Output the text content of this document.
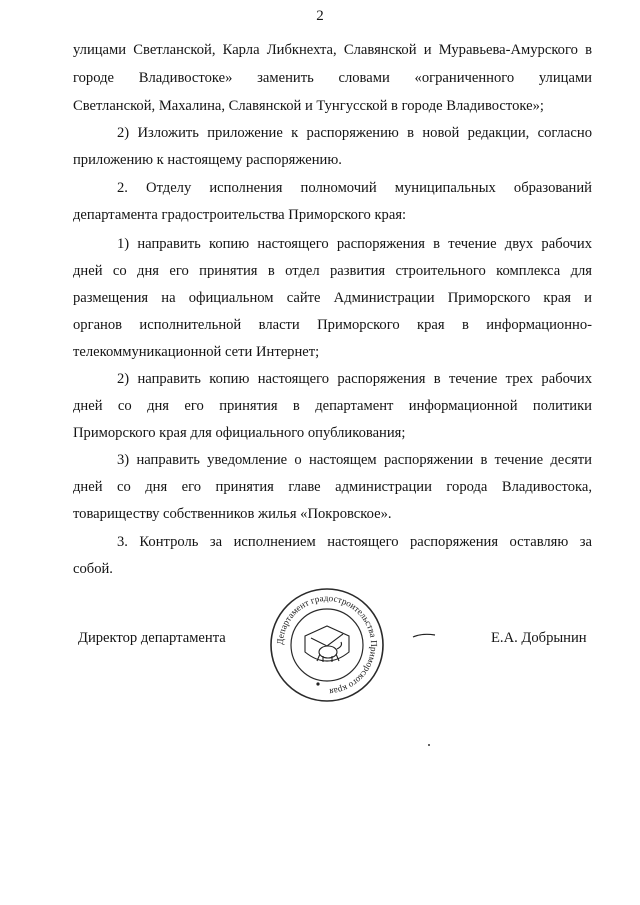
2
улицами Светланской, Карла Либкнехта, Славянской и Муравьева-Амурского в
городе Владивостоке» заменить словами «ограниченного улицами
Светланской, Махалина, Славянской и Тунгусской в городе Владивостоке»;
2) Изложить приложение к распоряжению в новой редакции, согласно
приложению к настоящему распоряжению.
2. Отделу исполнения полномочий муниципальных образований
департамента градостроительства Приморского края:
1) направить копию настоящего распоряжения в течение двух рабочих
дней со дня его принятия в отдел развития строительного комплекса для
размещения на официальном сайте Администрации Приморского края и
органов исполнительной власти Приморского края в информационно-
телекоммуникационной сети Интернет;
2) направить копию настоящего распоряжения в течение трех рабочих
дней со дня его принятия в департамент информационной политики
Приморского края для официального опубликования;
3) направить уведомление о настоящем распоряжении в течение десяти
дней со дня его принятия главе администрации города Владивостока,
товариществу собственников жилья «Покровское».
3. Контроль за исполнением настоящего распоряжения оставляю за
собой.
Директор департамента	Департамент градостроительства Приморского края
Е.А. Добрынин
